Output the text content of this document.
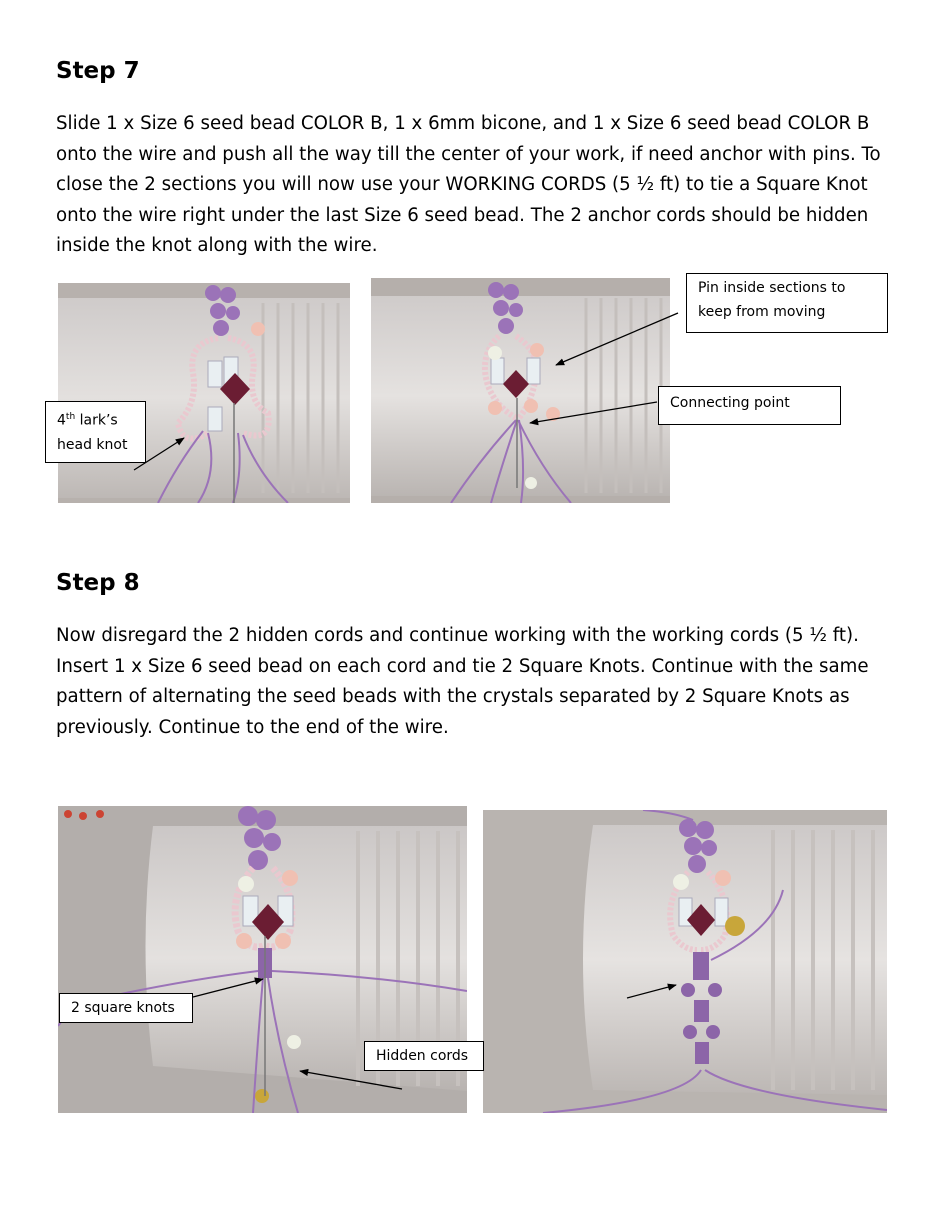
Step 7

Slide 1 x Size 6 seed bead COLOR B, 1 x 6mm bicone, and 1 x Size 6 seed bead COLOR B onto the wire and push all the way till the center of your work, if need anchor with pins. To close the 2 sections you will now use your WORKING CORDS (5 ½ ft) to tie a Square Knot onto the wire right under the last Size 6 seed bead. The 2 anchor cords should be hidden inside the knot along with the wire.

4th lark’s
head knot
Pin inside sections to keep from moving
Connecting point
Step 8

Now disregard the 2 hidden cords and continue working with the working cords (5 ½ ft). Insert 1 x Size 6 seed bead on each cord and tie 2 Square Knots. Continue with the same pattern of alternating the seed beads with the crystals separated by 2 Square Knots as previously. Continue to the end of the wire.

2 square knots
Hidden cords
